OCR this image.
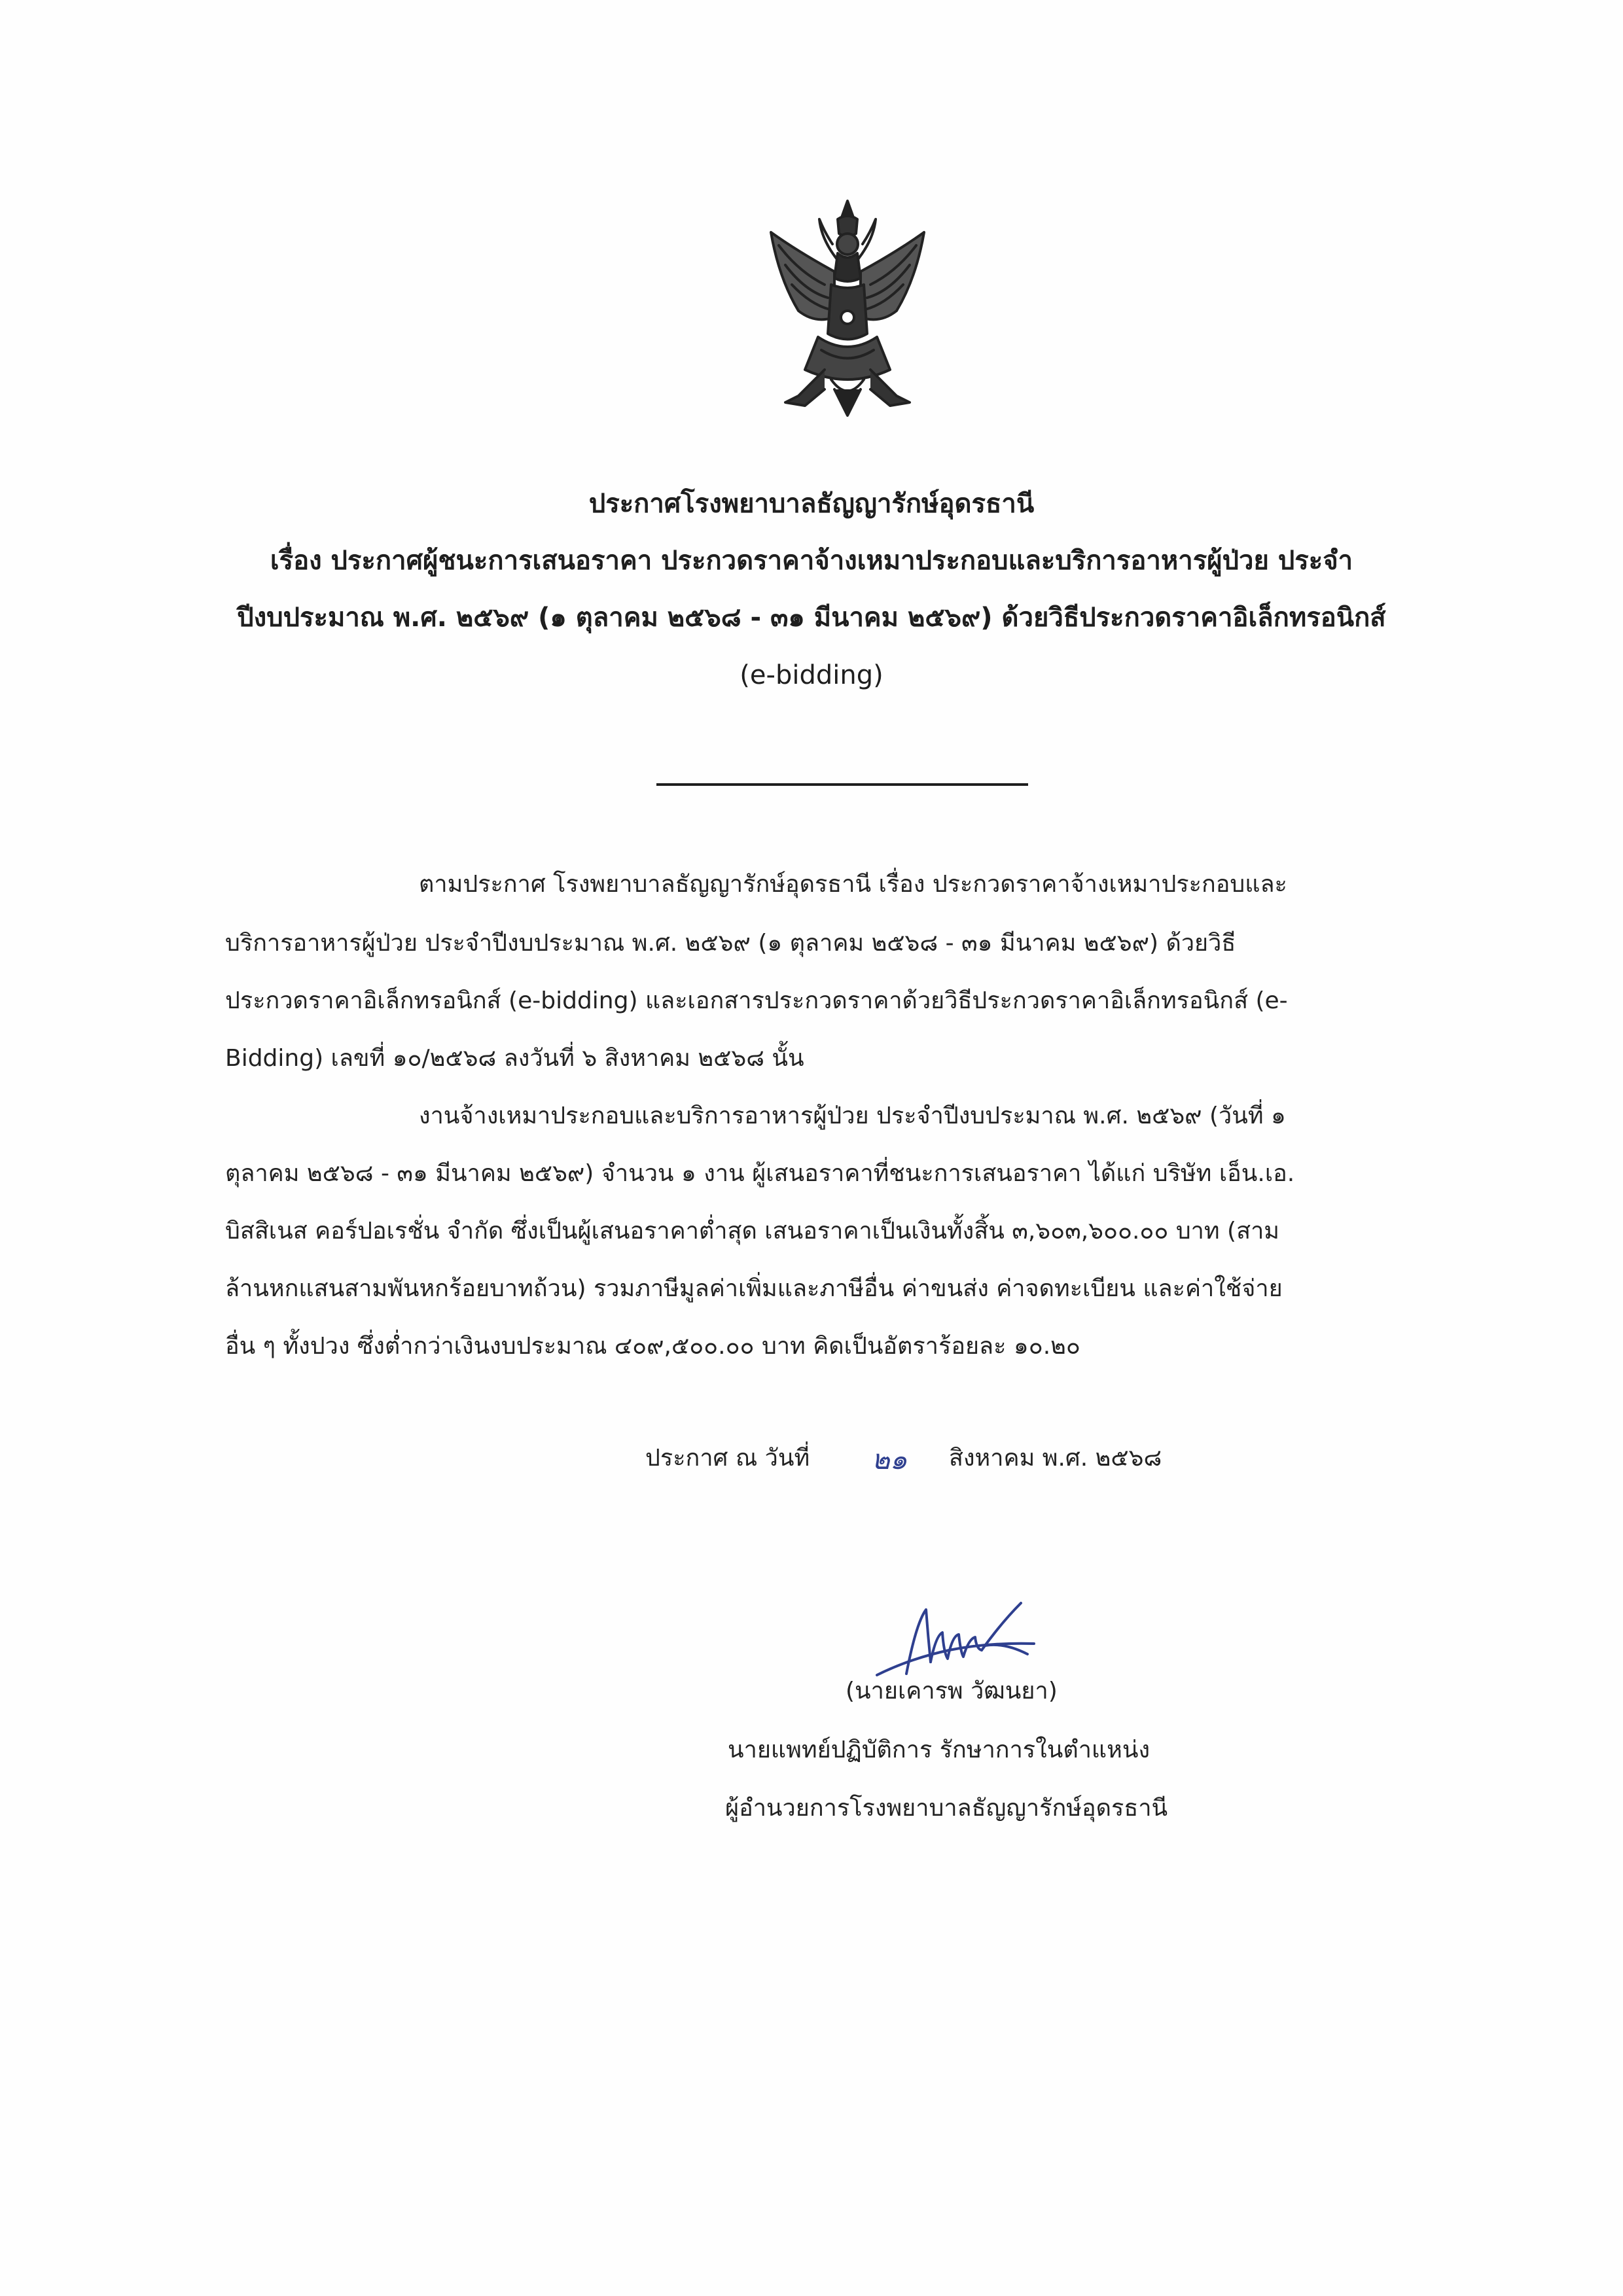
ประกาศโรงพยาบาลธัญญารักษ์อุดรธานี
เรื่อง ประกาศผู้ชนะการเสนอราคา ประกวดราคาจ้างเหมาประกอบและบริการอาหารผู้ป่วย ประจำ
ปีงบประมาณ พ.ศ. ๒๕๖๙ (๑ ตุลาคม ๒๕๖๘ - ๓๑ มีนาคม ๒๕๖๙) ด้วยวิธีประกวดราคาอิเล็กทรอนิกส์
(e-bidding)
ตามประกาศ โรงพยาบาลธัญญารักษ์อุดรธานี เรื่อง ประกวดราคาจ้างเหมาประกอบและ
บริการอาหารผู้ป่วย ประจำปีงบประมาณ พ.ศ. ๒๕๖๙ (๑ ตุลาคม ๒๕๖๘ - ๓๑ มีนาคม ๒๕๖๙) ด้วยวิธี
ประกวดราคาอิเล็กทรอนิกส์ (e-bidding) และเอกสารประกวดราคาด้วยวิธีประกวดราคาอิเล็กทรอนิกส์ (e-
Bidding) เลขที่ ๑๐/๒๕๖๘ ลงวันที่ ๖ สิงหาคม ๒๕๖๘ นั้น
งานจ้างเหมาประกอบและบริการอาหารผู้ป่วย ประจำปีงบประมาณ พ.ศ. ๒๕๖๙ (วันที่ ๑
ตุลาคม ๒๕๖๘ - ๓๑ มีนาคม ๒๕๖๙) จำนวน ๑ งาน ผู้เสนอราคาที่ชนะการเสนอราคา ได้แก่ บริษัท เอ็น.เอ.
บิสสิเนส คอร์ปอเรชั่น จำกัด ซึ่งเป็นผู้เสนอราคาต่ำสุด เสนอราคาเป็นเงินทั้งสิ้น ๓,๖๐๓,๖๐๐.๐๐ บาท (สาม
ล้านหกแสนสามพันหกร้อยบาทถ้วน) รวมภาษีมูลค่าเพิ่มและภาษีอื่น ค่าขนส่ง ค่าจดทะเบียน และค่าใช้จ่าย
อื่น ๆ ทั้งปวง ซึ่งต่ำกว่าเงินงบประมาณ ๔๐๙,๕๐๐.๐๐ บาท คิดเป็นอัตราร้อยละ ๑๐.๒๐
ประกาศ ณ วันที่ ๒๑ สิงหาคม พ.ศ. ๒๕๖๘
(นายเคารพ วัฒนยา)
นายแพทย์ปฏิบัติการ รักษาการในตำแหน่ง
ผู้อำนวยการโรงพยาบาลธัญญารักษ์อุดรธานี
